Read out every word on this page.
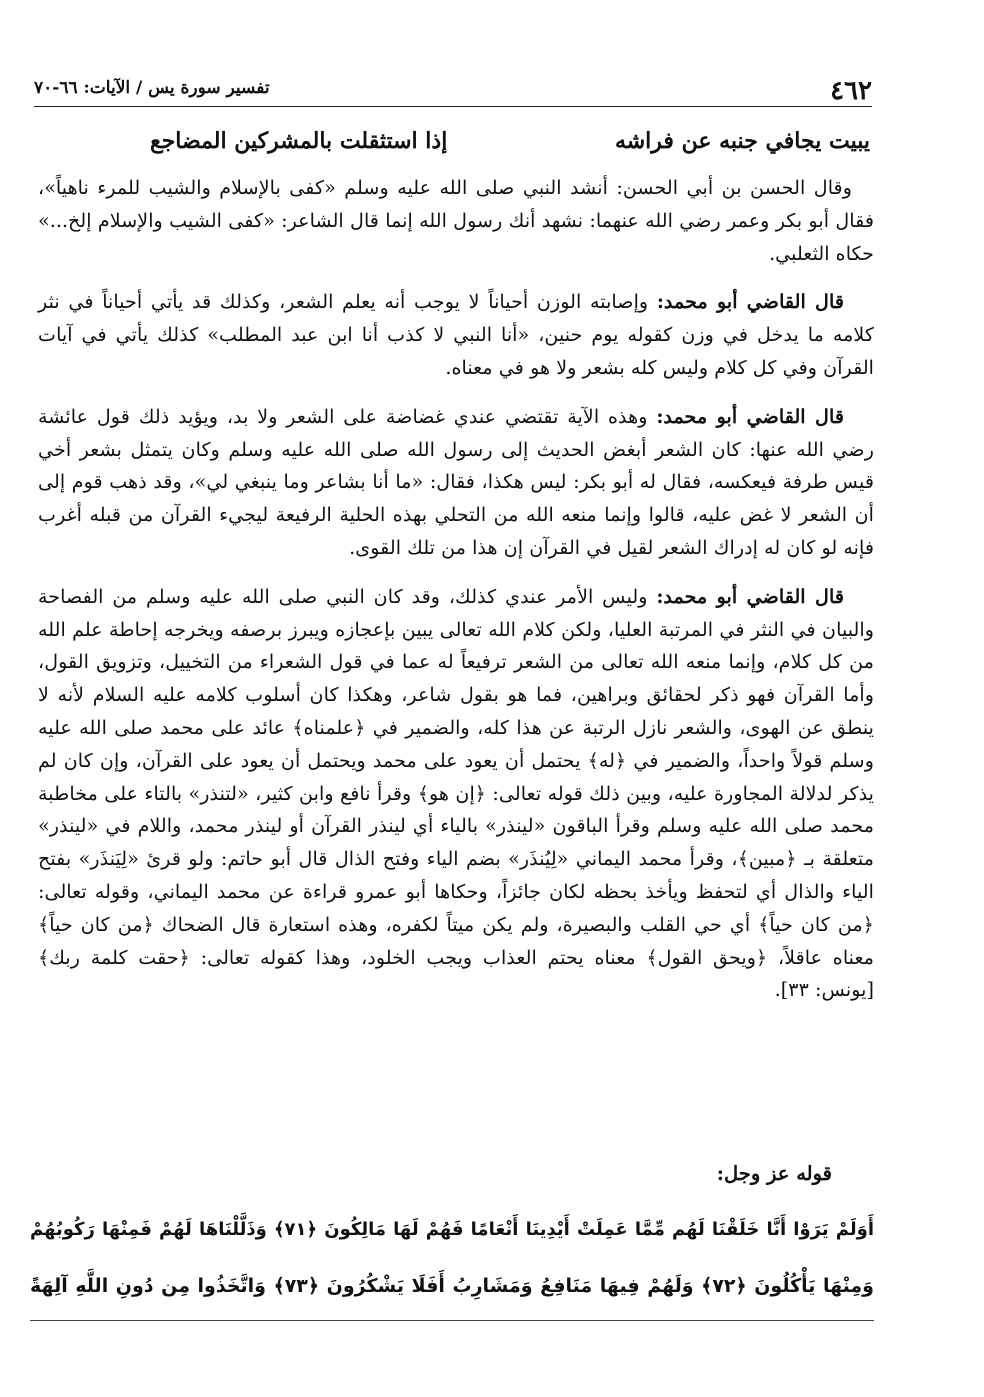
٤٦٢
تفسير سورة يس / الآيات: ٦٦-٧٠
يبيت يجافي جنبه عن فراشه
إذا استثقلت بالمشركين المضاجع

وقال الحسن بن أبي الحسن: أنشد النبي صلى الله عليه وسلم «كفى بالإسلام والشيب للمرء ناهياً»، فقال أبو بكر وعمر رضي الله عنهما: نشهد أنك رسول الله إنما قال الشاعر: «كفى الشيب والإسلام إلخ...» حكاه الثعلبي.

قال القاضي أبو محمد: وإصابته الوزن أحياناً لا يوجب أنه يعلم الشعر، وكذلك قد يأتي أحياناً في نثر كلامه ما يدخل في وزن كقوله يوم حنين، «أنا النبي لا كذب أنا ابن عبد المطلب» كذلك يأتي في آيات القرآن وفي كل كلام وليس كله بشعر ولا هو في معناه.

قال القاضي أبو محمد: وهذه الآية تقتضي عندي غضاضة على الشعر ولا بد، ويؤيد ذلك قول عائشة رضي الله عنها: كان الشعر أبغض الحديث إلى رسول الله صلى الله عليه وسلم وكان يتمثل بشعر أخي قيس طرفة فيعكسه، فقال له أبو بكر: ليس هكذا، فقال: «ما أنا بشاعر وما ينبغي لي»، وقد ذهب قوم إلى أن الشعر لا غض عليه، قالوا وإنما منعه الله من التحلي بهذه الحلية الرفيعة ليجيء القرآن من قبله أغرب فإنه لو كان له إدراك الشعر لقيل في القرآن إن هذا من تلك القوى.

قال القاضي أبو محمد: وليس الأمر عندي كذلك، وقد كان النبي صلى الله عليه وسلم من الفصاحة والبيان في النثر في المرتبة العليا، ولكن كلام الله تعالى يبين بإعجازه ويبرز برصفه ويخرجه إحاطة علم الله من كل كلام، وإنما منعه الله تعالى من الشعر ترفيعاً له عما في قول الشعراء من التخييل، وتزويق القول، وأما القرآن فهو ذكر لحقائق وبراهين، فما هو بقول شاعر، وهكذا كان أسلوب كلامه عليه السلام لأنه لا ينطق عن الهوى، والشعر نازل الرتبة عن هذا كله، والضمير في ﴿علمناه﴾ عائد على محمد صلى الله عليه وسلم قولاً واحداً، والضمير في ﴿له﴾ يحتمل أن يعود على محمد ويحتمل أن يعود على القرآن، وإن كان لم يذكر لدلالة المجاورة عليه، وبين ذلك قوله تعالى: ﴿إن هو﴾ وقرأ نافع وابن كثير، «لتنذر» بالتاء على مخاطبة محمد صلى الله عليه وسلم وقرأ الباقون «لينذر» بالياء أي لينذر القرآن أو لينذر محمد، واللام في «لينذر» متعلقة بـ ﴿مبين﴾، وقرأ محمد اليماني «لِيُنذَر» بضم الياء وفتح الذال قال أبو حاتم: ولو قرئ «لِيَنذَر» بفتح الياء والذال أي لتحفظ ويأخذ بحظه لكان جائزاً، وحكاها أبو عمرو قراءة عن محمد اليماني، وقوله تعالى: ﴿من كان حياً﴾ أي حي القلب والبصيرة، ولم يكن ميتاً لكفره، وهذه استعارة قال الضحاك ﴿من كان حياً﴾ معناه عاقلاً، ﴿ويحق القول﴾ معناه يحتم العذاب ويجب الخلود، وهذا كقوله تعالى: ﴿حقت كلمة ربك﴾ [يونس: ٣٣].

قوله عز وجل:
أَوَلَمْ يَرَوْا أَنَّا خَلَقْنَا لَهُم مِّمَّا عَمِلَتْ أَيْدِينَا أَنْعَامًا فَهُمْ لَهَا مَالِكُونَ ﴿٧١﴾ وَذَلَّلْنَاهَا لَهُمْ فَمِنْهَا رَكُوبُهُمْ
وَمِنْهَا يَأْكُلُونَ ﴿٧٢﴾ وَلَهُمْ فِيهَا مَنَافِعُ وَمَشَارِبُ أَفَلَا يَشْكُرُونَ ﴿٧٣﴾ وَاتَّخَذُوا مِن دُونِ اللَّهِ آلِهَةً
